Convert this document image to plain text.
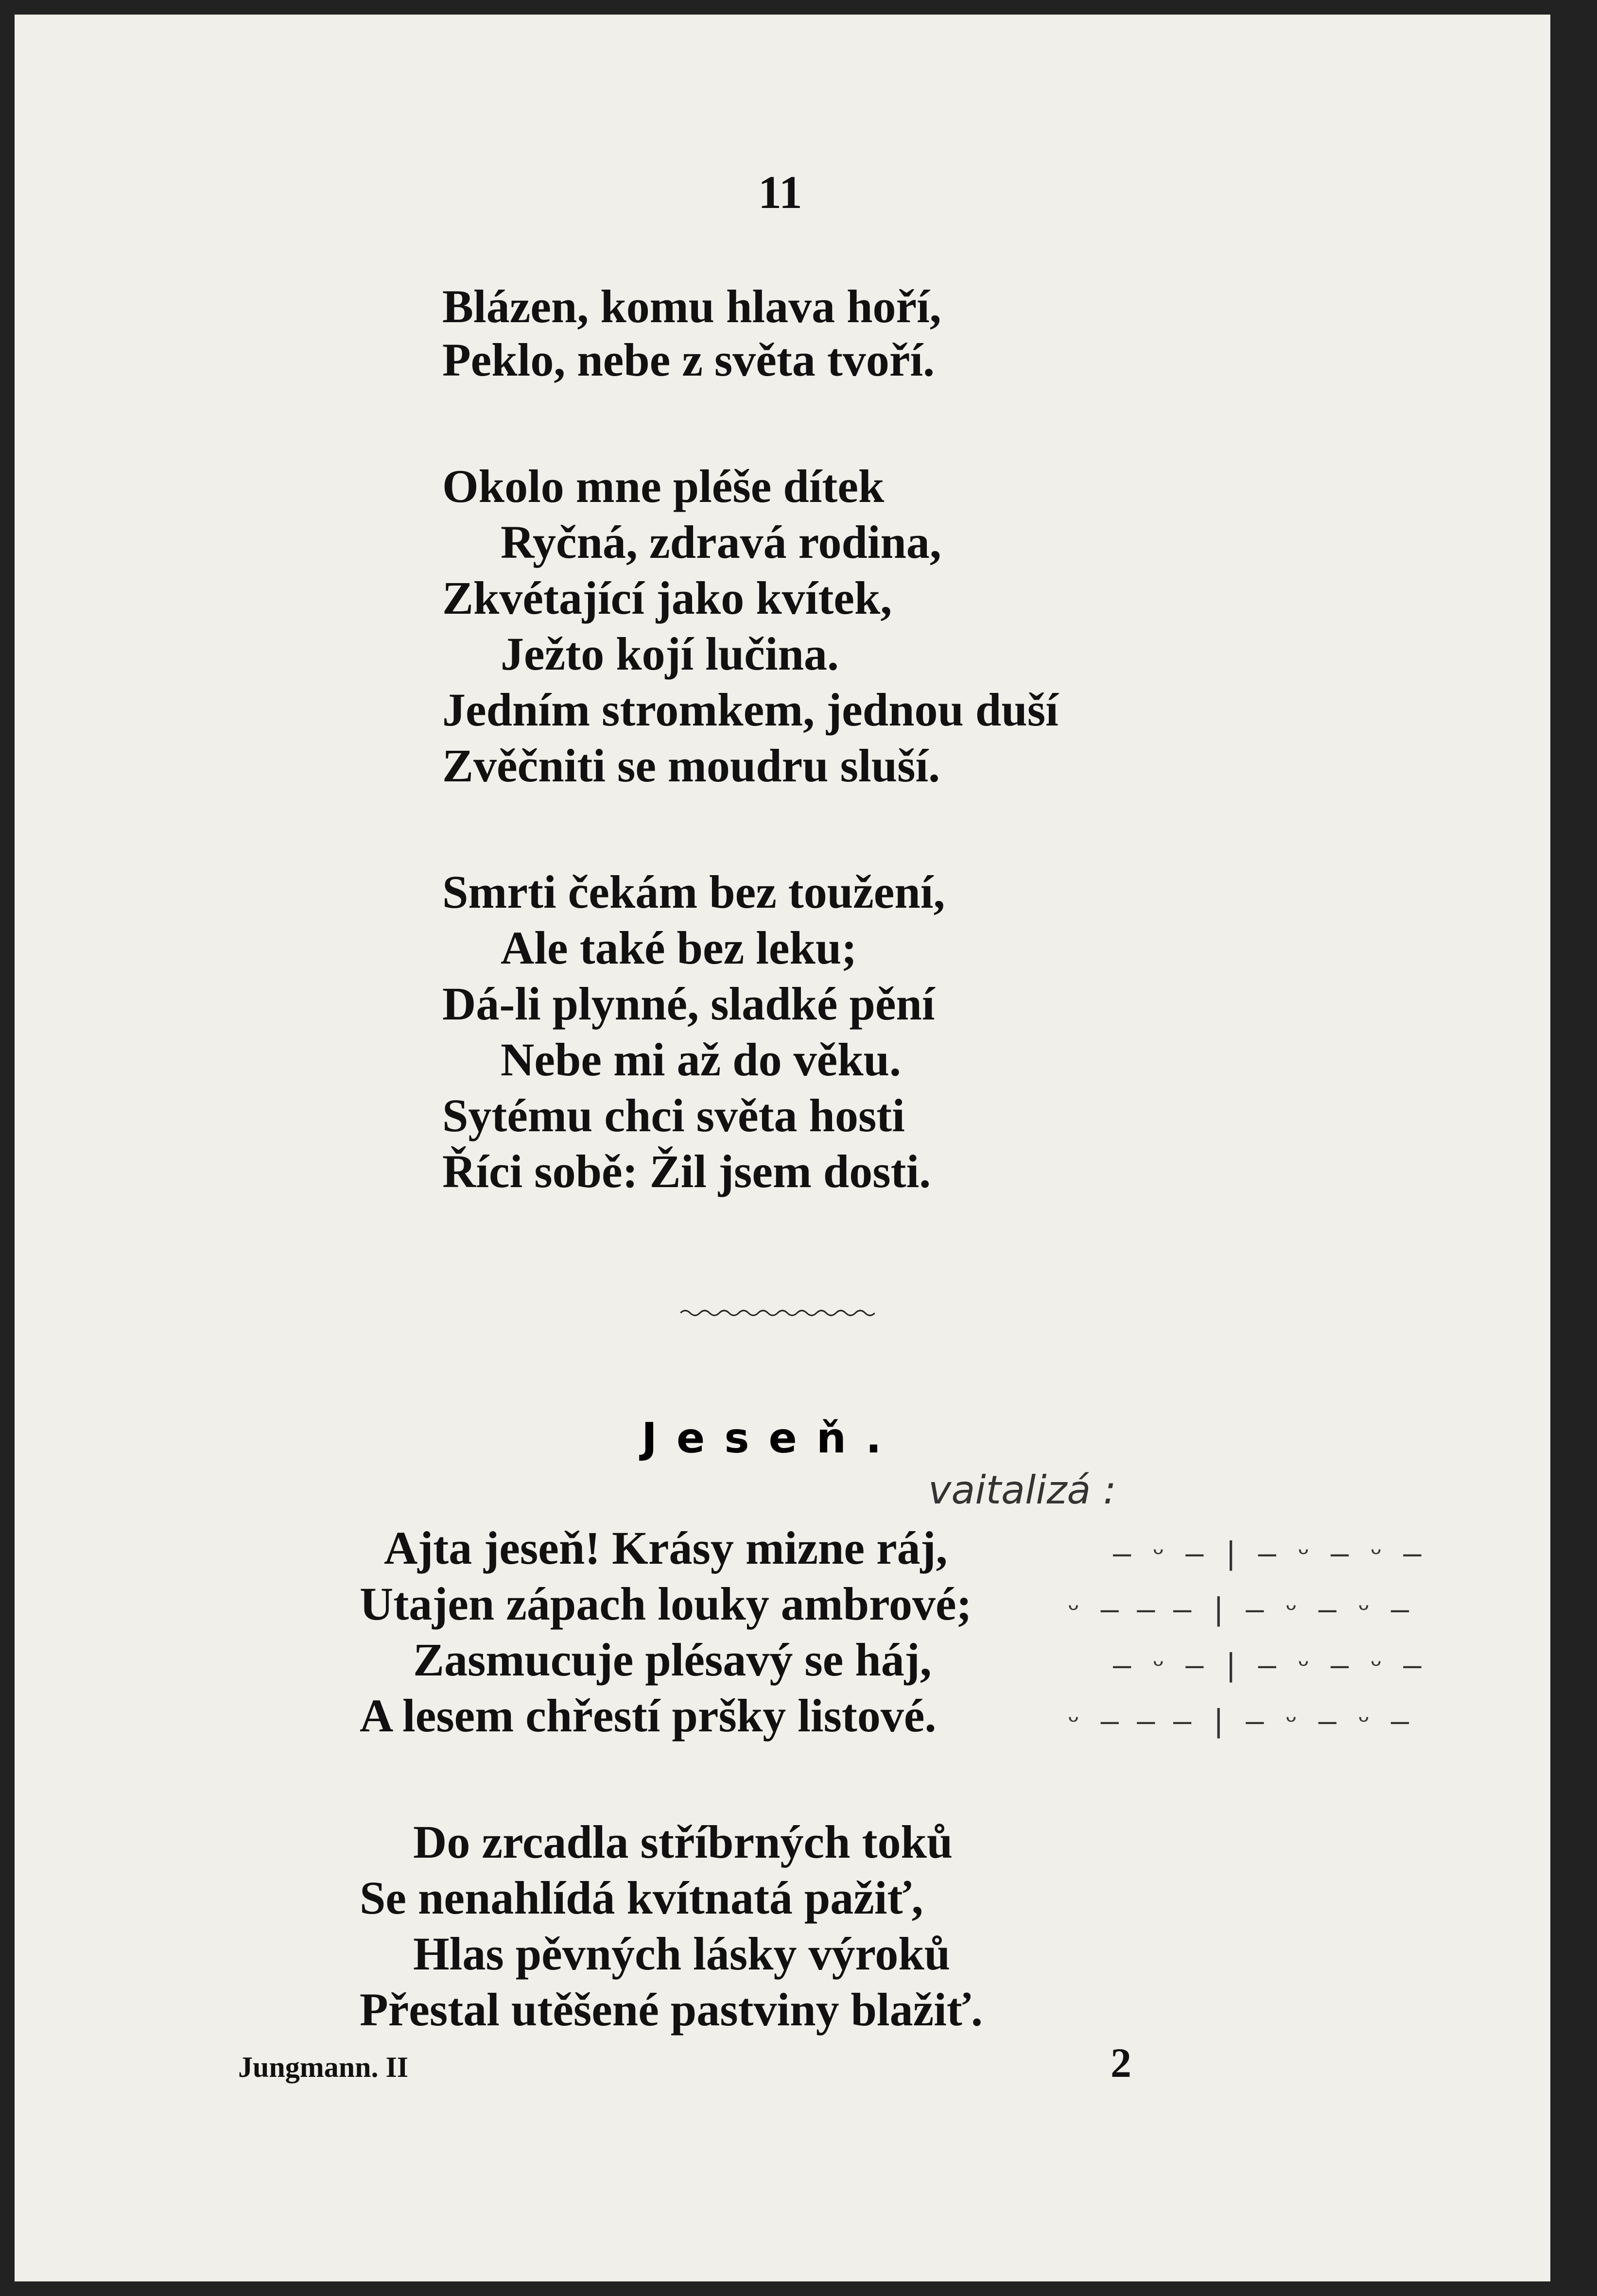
11
Blázen, komu hlava hoří,
Peklo, nebe z světa tvoří.
Okolo mne pléše dítek
Ryčná, zdravá rodina,
Zkvétající jako kvítek,
Ježto kojí lučina.
Jedním stromkem, jednou duší
Zvěčniti se moudru sluší.
Smrti čekám bez toužení,
Ale také bez leku;
Dá-li plynné, sladké pění
Nebe mi až do věku.
Sytému chci světa hosti
Říci sobě: Žil jsem dosti.
Jeseň.
Ajta jeseň! Krásy mizne ráj,
Utajen zápach louky ambrové;
Zasmucuje plésavý se háj,
A lesem chřestí pršky listové.
Do zrcadla stříbrných toků
Se nenahlídá kvítnatá pažiť,
Hlas pěvných lásky výroků
Přestal utěšené pastviny blažiť.
vaitalizá :
— ᵕ — | — ᵕ — ᵕ —
ᵕ — — — | — ᵕ — ᵕ —
— ᵕ — | — ᵕ — ᵕ —
ᵕ — — — | — ᵕ — ᵕ —
Jungmann. II	2
